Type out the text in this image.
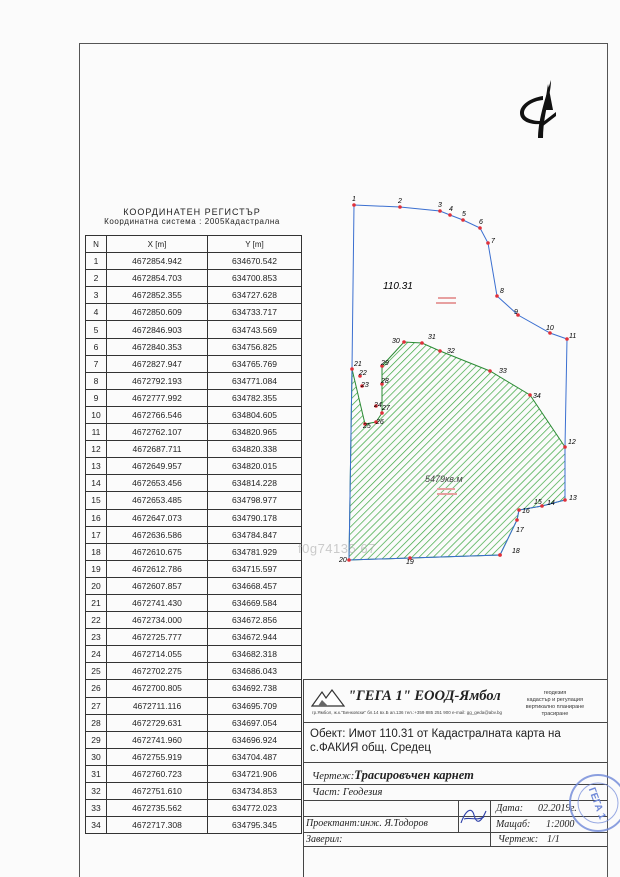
КООРДИНАТЕН РЕГИСТЪР
Координатна система : 2005Кадастрална
N	X [m]	Y [m]
1	4672854.942	634670.542
2	4672854.703	634700.853
3	4672852.355	634727.628
4	4672850.609	634733.717
5	4672846.903	634743.569
6	4672840.353	634756.825
7	4672827.947	634765.769
8	4672792.193	634771.084
9	4672777.992	634782.355
10	4672766.546	634804.605
11	4672762.107	634820.965
12	4672687.711	634820.338
13	4672649.957	634820.015
14	4672653.456	634814.228
15	4672653.485	634798.977
16	4672647.073	634790.178
17	4672636.586	634784.847
18	4672610.675	634781.929
19	4672612.786	634715.597
20	4672607.857	634668.457
21	4672741.430	634669.584
22	4672734.000	634672.856
23	4672725.777	634672.944
24	4672714.055	634682.318
25	4672702.275	634686.043
26	4672700.805	634692.738
27	4672711.116	634695.709
28	4672729.631	634697.054
29	4672741.960	634696.924
30	4672755.919	634704.487
31	4672760.723	634721.906
32	4672751.610	634734.853
33	4672735.562	634772.023
34	4672717.308	634795.345
1	2
3
4
5
6
7
8
9
10
11
12
13
14
15
16
17
18
19
20
21
22
23
24
25
26
27
28
29
30
31
32
33
34
110.31
5479кв.м
f0g74135 67
"ГЕГА 1" ЕООД-Ямбол
гр.Ямбол, ж.к."Бенковски" бл.14 вх.Б ап.136 тел.:+359 885 251 900 e-mail: gg_geda@abv.bg
геодезия
кадастър и регулация
вертикално планиране
трасиране
Обект: Имот 110.31 от Кадастралната карта на
с.ФАКИЯ общ. Средец
Чертеж:Трасировъчен карнет
Част: Геодезия
Проектант:инж. Я.Тодоров
Заверил:
Дата: 02.2019г.
Мащаб: 1:2000
Чертеж: 1/1
ГЕГА 1
